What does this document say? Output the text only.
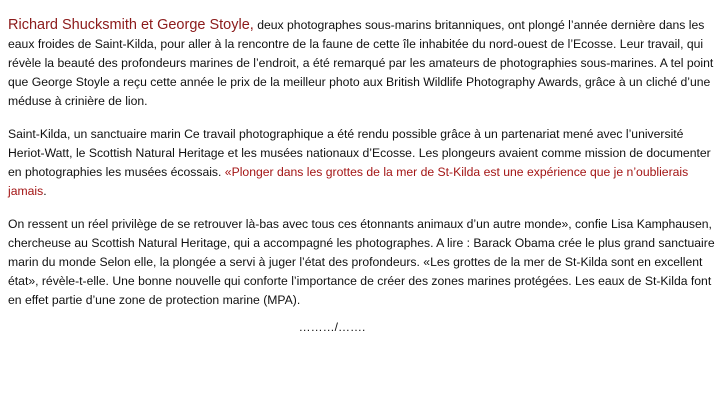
Richard Shucksmith et George Stoyle, deux photographes sous-marins britanniques, ont plongé l’année dernière dans les eaux froides de Saint-Kilda, pour aller à la rencontre de la faune de cette île inhabitée du nord-ouest de l’Ecosse. Leur travail, qui révèle la beauté des profondeurs marines de l’endroit, a été remarqué par les amateurs de photographies sous-marines. A tel point que George Stoyle a reçu cette année le prix de la meilleur photo aux British Wildlife Photography Awards, grâce à un cliché d’une méduse à crinière de lion.

Saint-Kilda, un sanctuaire marin Ce travail photographique a été rendu possible grâce à un partenariat mené avec l’université Heriot-Watt, le Scottish Natural Heritage et les musées nationaux d’Ecosse. Les plongeurs avaient comme mission de documenter en photographies les musées écossais. «Plonger dans les grottes de la mer de St-Kilda est une expérience que je n’oublierais jamais.

On ressent un réel privilège de se retrouver là-bas avec tous ces étonnants animaux d’un autre monde», confie Lisa Kamphausen, chercheuse au Scottish Natural Heritage, qui a accompagné les photographes. A lire : Barack Obama crée le plus grand sanctuaire marin du monde Selon elle, la plongée a servi à juger l’état des profondeurs. «Les grottes de la mer de St-Kilda sont en excellent état», révèle-t-elle. Une bonne nouvelle qui conforte l’importance de créer des zones marines protégées. Les eaux de St-Kilda font en effet partie d’une zone de protection marine (MPA).

………/…….
